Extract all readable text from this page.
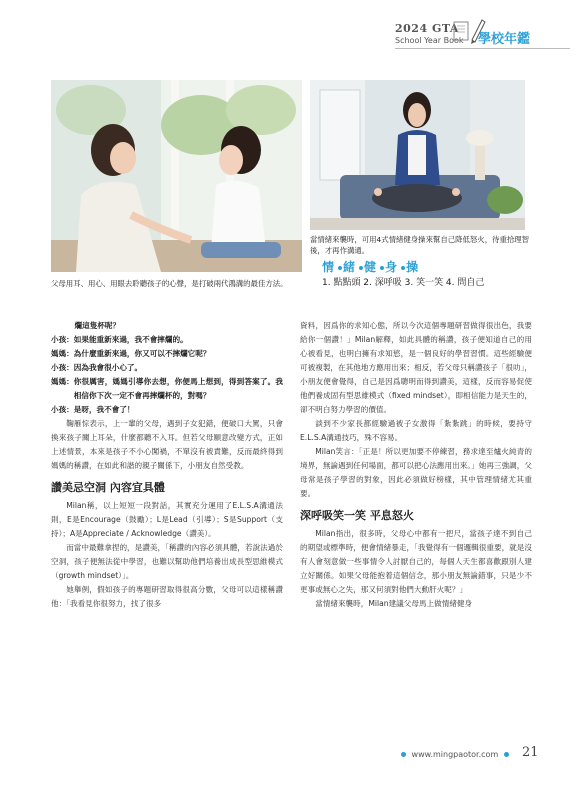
2024 GTA
School Year Book 學校年鑑
父母用耳、用心、用眼去聆聽孩子的心聲，是打破兩代鴻溝的最佳方法。
當情緒來襲時，可用4式情緒健身操來幫自己降低怒火，待重拾理智後，才再作溝通。
情 緒 健 身 操
1. 點點頭 2. 深呼吸 3. 笑一笑 4. 問自己
爛這隻杯呢？
小孩： 如果能重新來過，我不會摔爛的。
媽媽： 為什麼重新來過，你又可以不摔爛它呢？
小孩： 因為我會很小心了。
媽媽： 你很厲害，媽媽引導你去想，你便馬上想到，得到答案了。我相信你下次一定不會再摔爛杯的，對嗎？
小孩： 是呀，我不會了！

鞠雁悰表示，上一輩的父母，遇到子女犯錯，便破口大罵，只會換來孩子關上耳朵，什麼都聽不入耳。但若父母願意改變方式，正如上述情景，本來是孩子不小心闖禍，不單沒有被責難，反而最終得到媽媽的稱讚，在如此和諧的親子關係下，小朋友自然受教。

讚美忌空洞 內容宜具體

Milan稱，以上短短一段對話，其實充分運用了E.L.S.A溝通法則，E是Encourage（鼓勵）；L是Lead（引導）；S是Support（支持）；A是Appreciate / Acknowledge（讚美）。

而當中最難拿捏的，是讚美，「稱讚的內容必須具體，若說法過於空洞，孩子便無法從中學習，也難以幫助他們培養出成長型思維模式（growth mindset）」。

她舉例，假如孩子的專題研習取得很高分數，父母可以這樣稱讚他：「我看見你很努力，找了很多

資料，因爲你的求知心態，所以今次這個專題研習做得很出色，我要給你一個讚！」Milan解釋，如此具體的稱讚，孩子便知道自己的用心被看見，也明白擁有求知慾，是一個良好的學習習慣。這些經驗便可被複製，在其他地方應用出來；相反，若父母只稱讚孩子「很叻」，小朋友便會覺得，自己是因爲聰明而得到讚美，這樣，反而容易促使他們養成固有型思維模式（fixed mindset），即相信能力是天生的，卻不明白努力學習的價值。

談到不少家長都經驗過被子女激得「紮紮跳」的時候，要持守E.L.S.A溝通技巧，殊不容易。

Milan笑言：「正是！所以更加要不停練習，務求達至爐火純青的境界，無論遇到任何場面，都可以把心法應用出來。」她再三強調，父母常是孩子學習的對象，因此必須做好榜樣，其中管理情緒尤其重要。

深呼吸笑一笑 平息怒火

Milan指出，很多時，父母心中都有一把尺，當孩子達不到自己的期望或標準時，便會情緒暴走，「我覺得有一個邏輯很重要，就是沒有人會刻意做一些事情令人討厭自己的，每個人天生都喜歡跟別人建立好關係。如果父母能抱着這個信念，那小朋友無論錯事，只是少不更事或無心之失，那又何須對他們大動肝火呢？」

當情緒來襲時，Milan建議父母馬上做情緒健身

www.mingpaotor.com	21
